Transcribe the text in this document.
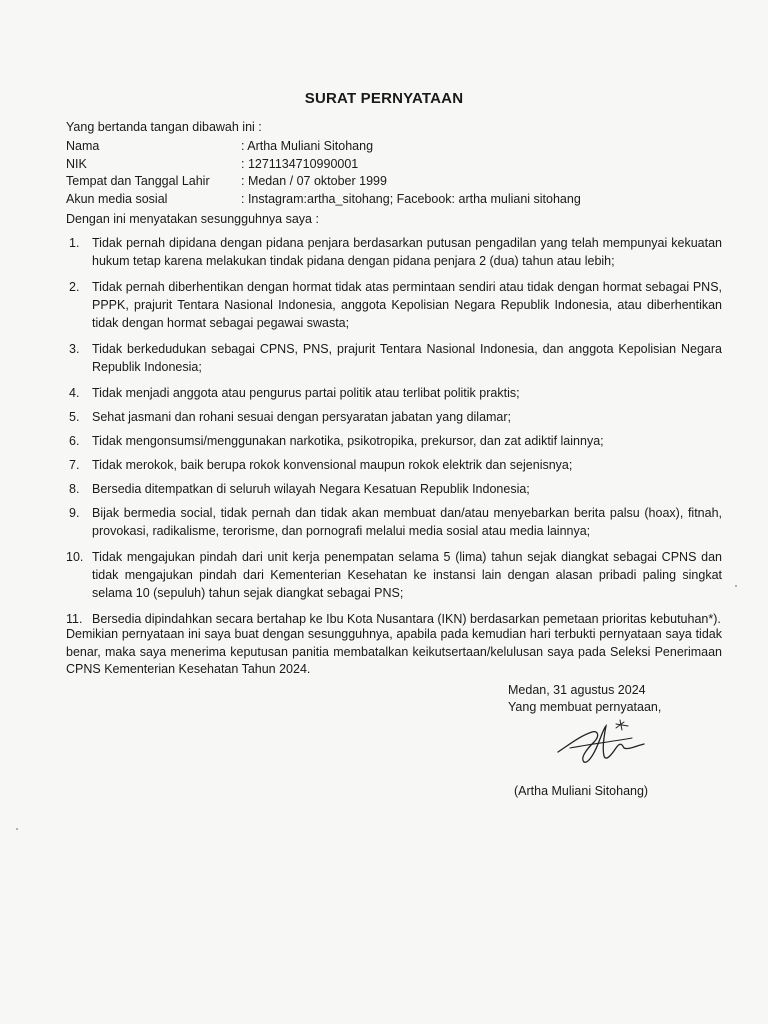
SURAT PERNYATAAN
Yang bertanda tangan dibawah ini :
Nama	: Artha Muliani Sitohang
NIK	: 1271134710990001
Tempat dan Tanggal Lahir	: Medan / 07 oktober 1999
Akun media sosial	: Instagram:artha_sitohang; Facebook: artha muliani sitohang
Dengan ini menyatakan sesungguhnya saya :
1. Tidak pernah dipidana dengan pidana penjara berdasarkan putusan pengadilan yang telah mempunyai kekuatan hukum tetap karena melakukan tindak pidana dengan pidana penjara 2 (dua) tahun atau lebih;
2. Tidak pernah diberhentikan dengan hormat tidak atas permintaan sendiri atau tidak dengan hormat sebagai PNS, PPPK, prajurit Tentara Nasional Indonesia, anggota Kepolisian Negara Republik Indonesia, atau diberhentikan tidak dengan hormat sebagai pegawai swasta;
3. Tidak berkedudukan sebagai CPNS, PNS, prajurit Tentara Nasional Indonesia, dan anggota Kepolisian Negara Republik Indonesia;
4. Tidak menjadi anggota atau pengurus partai politik atau terlibat politik praktis;
5. Sehat jasmani dan rohani sesuai dengan persyaratan jabatan yang dilamar;
6. Tidak mengonsumsi/menggunakan narkotika, psikotropika, prekursor, dan zat adiktif lainnya;
7. Tidak merokok, baik berupa rokok konvensional maupun rokok elektrik dan sejenisnya;
8. Bersedia ditempatkan di seluruh wilayah Negara Kesatuan Republik Indonesia;
9. Bijak bermedia social, tidak pernah dan tidak akan membuat dan/atau menyebarkan berita palsu (hoax), fitnah, provokasi, radikalisme, terorisme, dan pornografi melalui media sosial atau media lainnya;
10. Tidak mengajukan pindah dari unit kerja penempatan selama 5 (lima) tahun sejak diangkat sebagai CPNS dan tidak mengajukan pindah dari Kementerian Kesehatan ke instansi lain dengan alasan pribadi paling singkat selama 10 (sepuluh) tahun sejak diangkat sebagai PNS;
11. Bersedia dipindahkan secara bertahap ke Ibu Kota Nusantara (IKN) berdasarkan pemetaan prioritas kebutuhan*).
Demikian pernyataan ini saya buat dengan sesungguhnya, apabila pada kemudian hari terbukti pernyataan saya tidak benar, maka saya menerima keputusan panitia membatalkan keikutsertaan/kelulusan saya pada Seleksi Penerimaan CPNS Kementerian Kesehatan Tahun 2024.
Medan, 31 agustus 2024
Yang membuat pernyataan,
(Artha Muliani Sitohang)
